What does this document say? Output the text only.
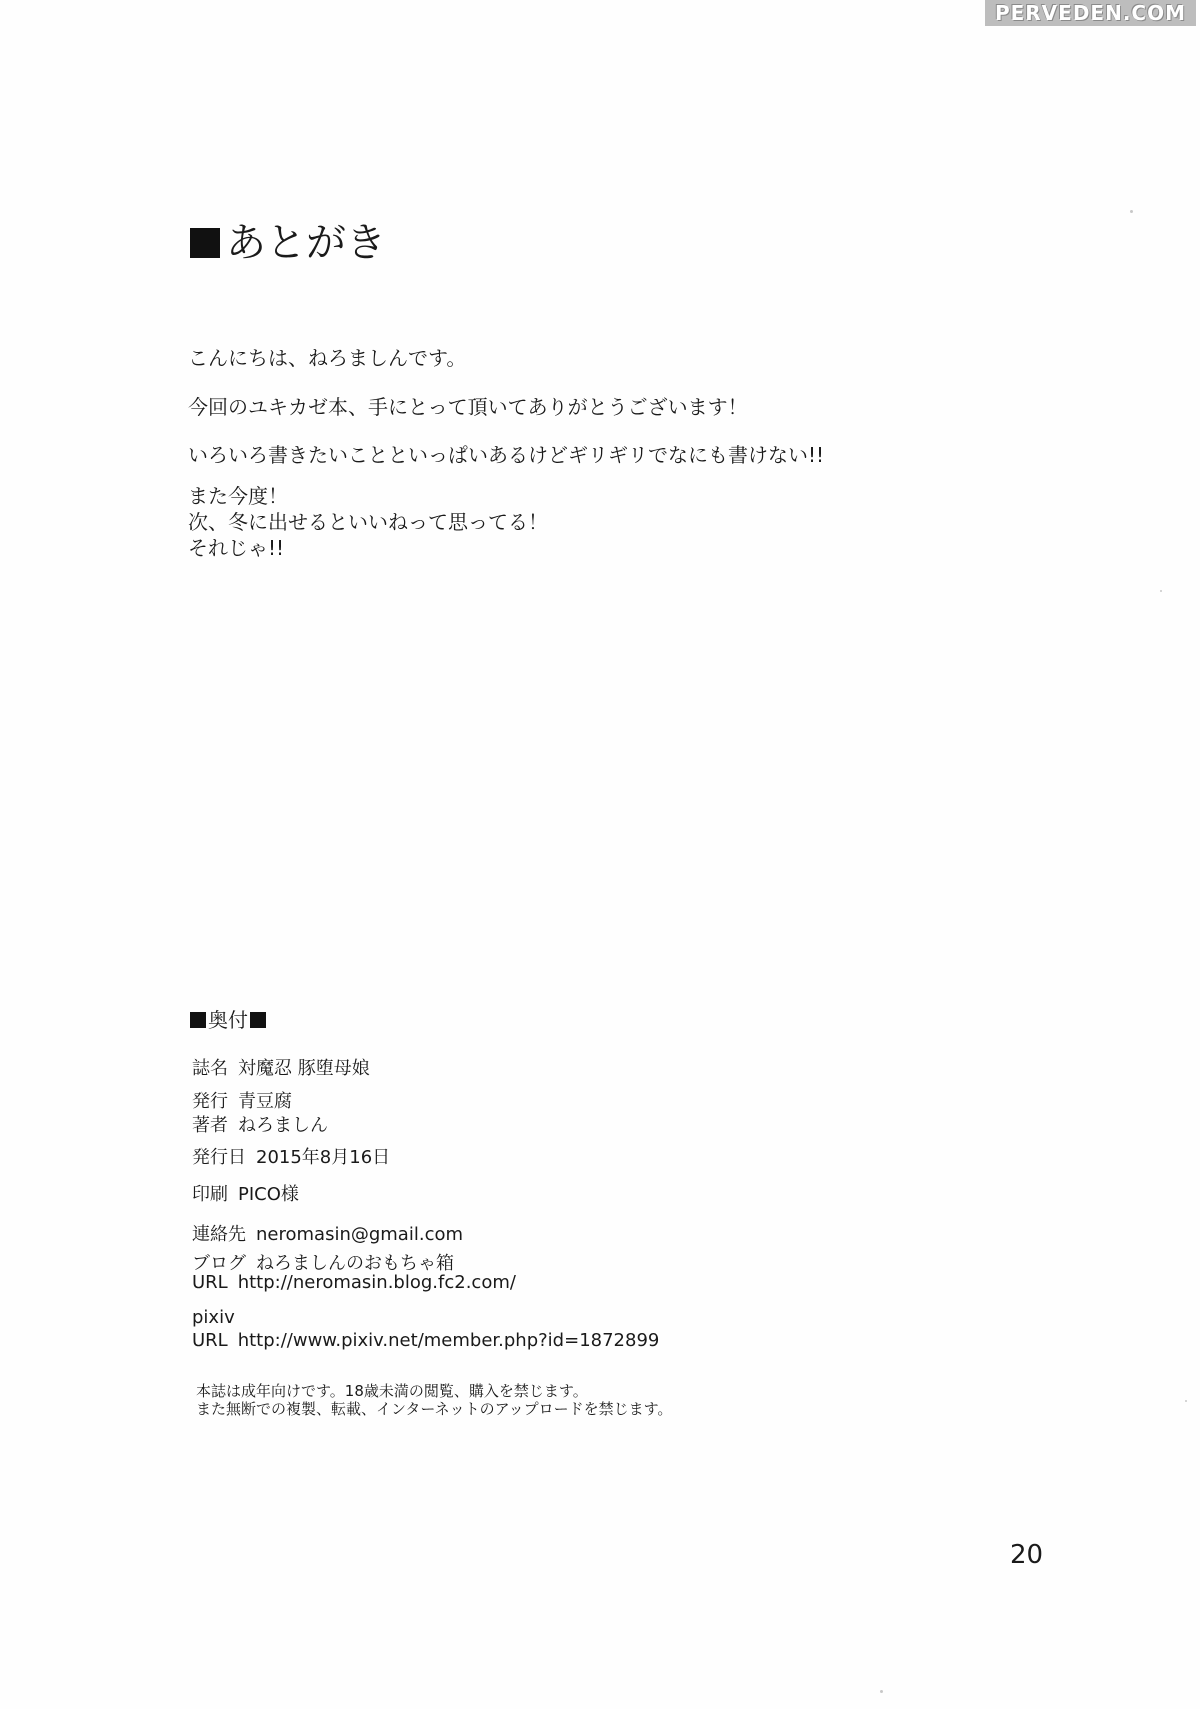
PERVEDEN.COM
あとがき
こんにちは、ねろましんです。
今回のユキカゼ本、手にとって頂いてありがとうございます！
いろいろ書きたいことといっぱいあるけどギリギリでなにも書けない!!
また今度！
次、冬に出せるといいねって思ってる！
それじゃ!!
奥付
誌名 対魔忍 豚堕母娘
発行 青豆腐
著者 ねろましん
発行日 2015年8月16日
印刷 PICO様
連絡先 neromasin@gmail.com
ブログ ねろましんのおもちゃ箱
URL http://neromasin.blog.fc2.com/
pixiv
URL http://www.pixiv.net/member.php?id=1872899
本誌は成年向けです。18歳未満の閲覧、購入を禁じます。
また無断での複製、転載、インターネットのアップロードを禁じます。
20
